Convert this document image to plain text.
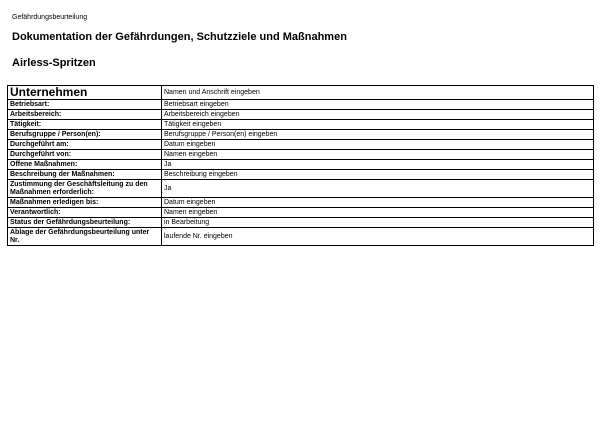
Gefährdungsbeurteilung
Dokumentation der Gefährdungen, Schutzziele und Maßnahmen
Airless-Spritzen
Unternehmen	Namen und Anschrift eingeben
Betriebsart:	Betriebsart eingeben
Arbeitsbereich:	Arbeitsbereich eingeben
Tätigkeit:	Tätigkeit eingeben
Berufsgruppe / Person(en):	Berufsgruppe / Person(en) eingeben
Durchgeführt am:	Datum eingeben
Durchgeführt von:	Namen eingeben
Offene Maßnahmen:	Ja
Beschreibung der Maßnahmen:	Beschreibung eingeben
Zustimmung der Geschäftsleitung zu den Maßnahmen erforderlich:	Ja
Maßnahmen erledigen bis:	Datum eingeben
Verantwortlich:	Namen eingeben
Status der Gefährdungsbeurteilung:	in Bearbeitung
Ablage der Gefährdungsbeurteilung unter Nr.	laufende Nr. eingeben
